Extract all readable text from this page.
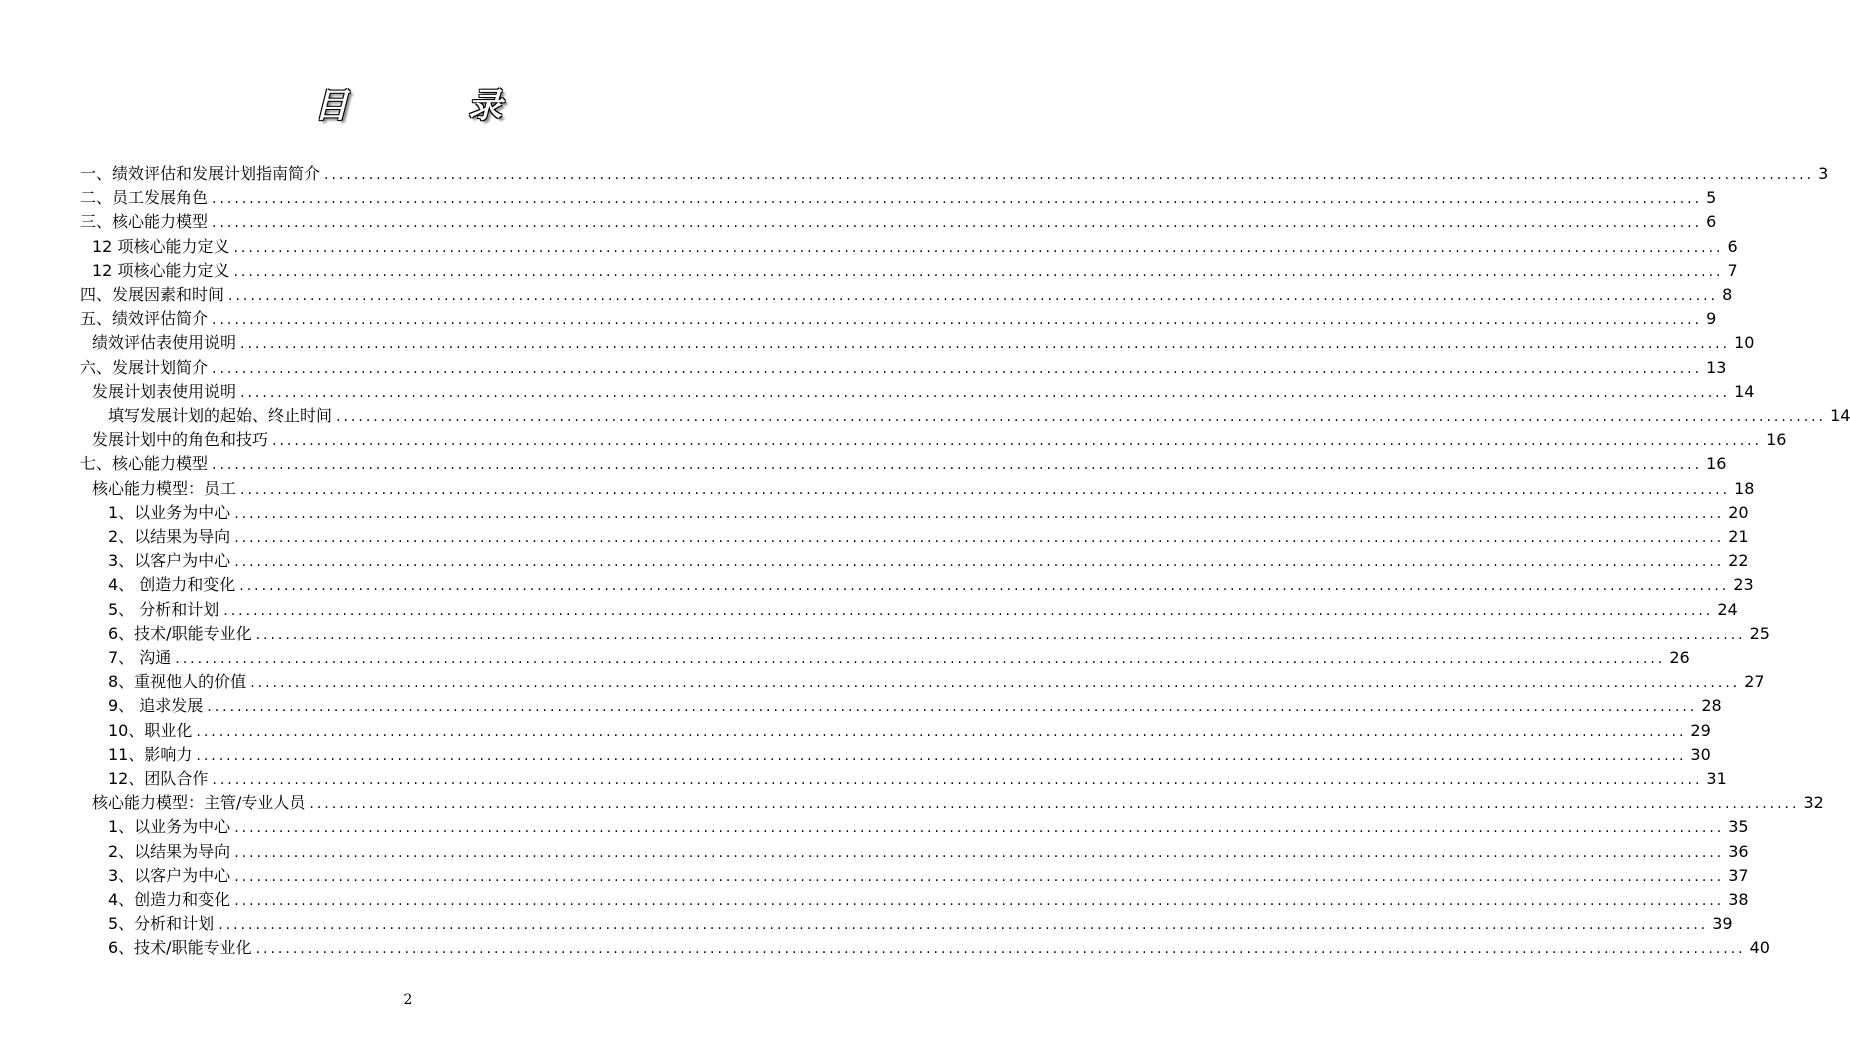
目 录
一、绩效评估和发展计划指南简介 ........................................................................................................................................................................................................ 3
二、员工发展角色 ........................................................................................................................................................................................................ 5
三、核心能力模型 ........................................................................................................................................................................................................ 6
12 项核心能力定义 ........................................................................................................................................................................................................ 6
12 项核心能力定义 ........................................................................................................................................................................................................ 7
四、发展因素和时间 ........................................................................................................................................................................................................ 8
五、绩效评估简介 ........................................................................................................................................................................................................ 9
绩效评估表使用说明 ........................................................................................................................................................................................................ 10
六、发展计划简介 ........................................................................................................................................................................................................ 13
发展计划表使用说明 ........................................................................................................................................................................................................ 14
填写发展计划的起始、终止时间 ........................................................................................................................................................................................................ 14
发展计划中的角色和技巧 ........................................................................................................................................................................................................ 16
七、核心能力模型 ........................................................................................................................................................................................................ 16
核心能力模型：员工 ........................................................................................................................................................................................................ 18
1、以业务为中心 ........................................................................................................................................................................................................ 20
2、以结果为导向 ........................................................................................................................................................................................................ 21
3、以客户为中心 ........................................................................................................................................................................................................ 22
4、 创造力和变化 ........................................................................................................................................................................................................ 23
5、 分析和计划 ........................................................................................................................................................................................................ 24
6、技术/职能专业化 ........................................................................................................................................................................................................ 25
7、 沟通 ........................................................................................................................................................................................................ 26
8、重视他人的价值 ........................................................................................................................................................................................................ 27
9、 追求发展 ........................................................................................................................................................................................................ 28
10、职业化 ........................................................................................................................................................................................................ 29
11、影响力 ........................................................................................................................................................................................................ 30
12、团队合作 ........................................................................................................................................................................................................ 31
核心能力模型：主管/专业人员 ........................................................................................................................................................................................................ 32
1、以业务为中心 ........................................................................................................................................................................................................ 35
2、以结果为导向 ........................................................................................................................................................................................................ 36
3、以客户为中心 ........................................................................................................................................................................................................ 37
4、创造力和变化 ........................................................................................................................................................................................................ 38
5、分析和计划 ........................................................................................................................................................................................................ 39
6、技术/职能专业化 ........................................................................................................................................................................................................ 40
2
